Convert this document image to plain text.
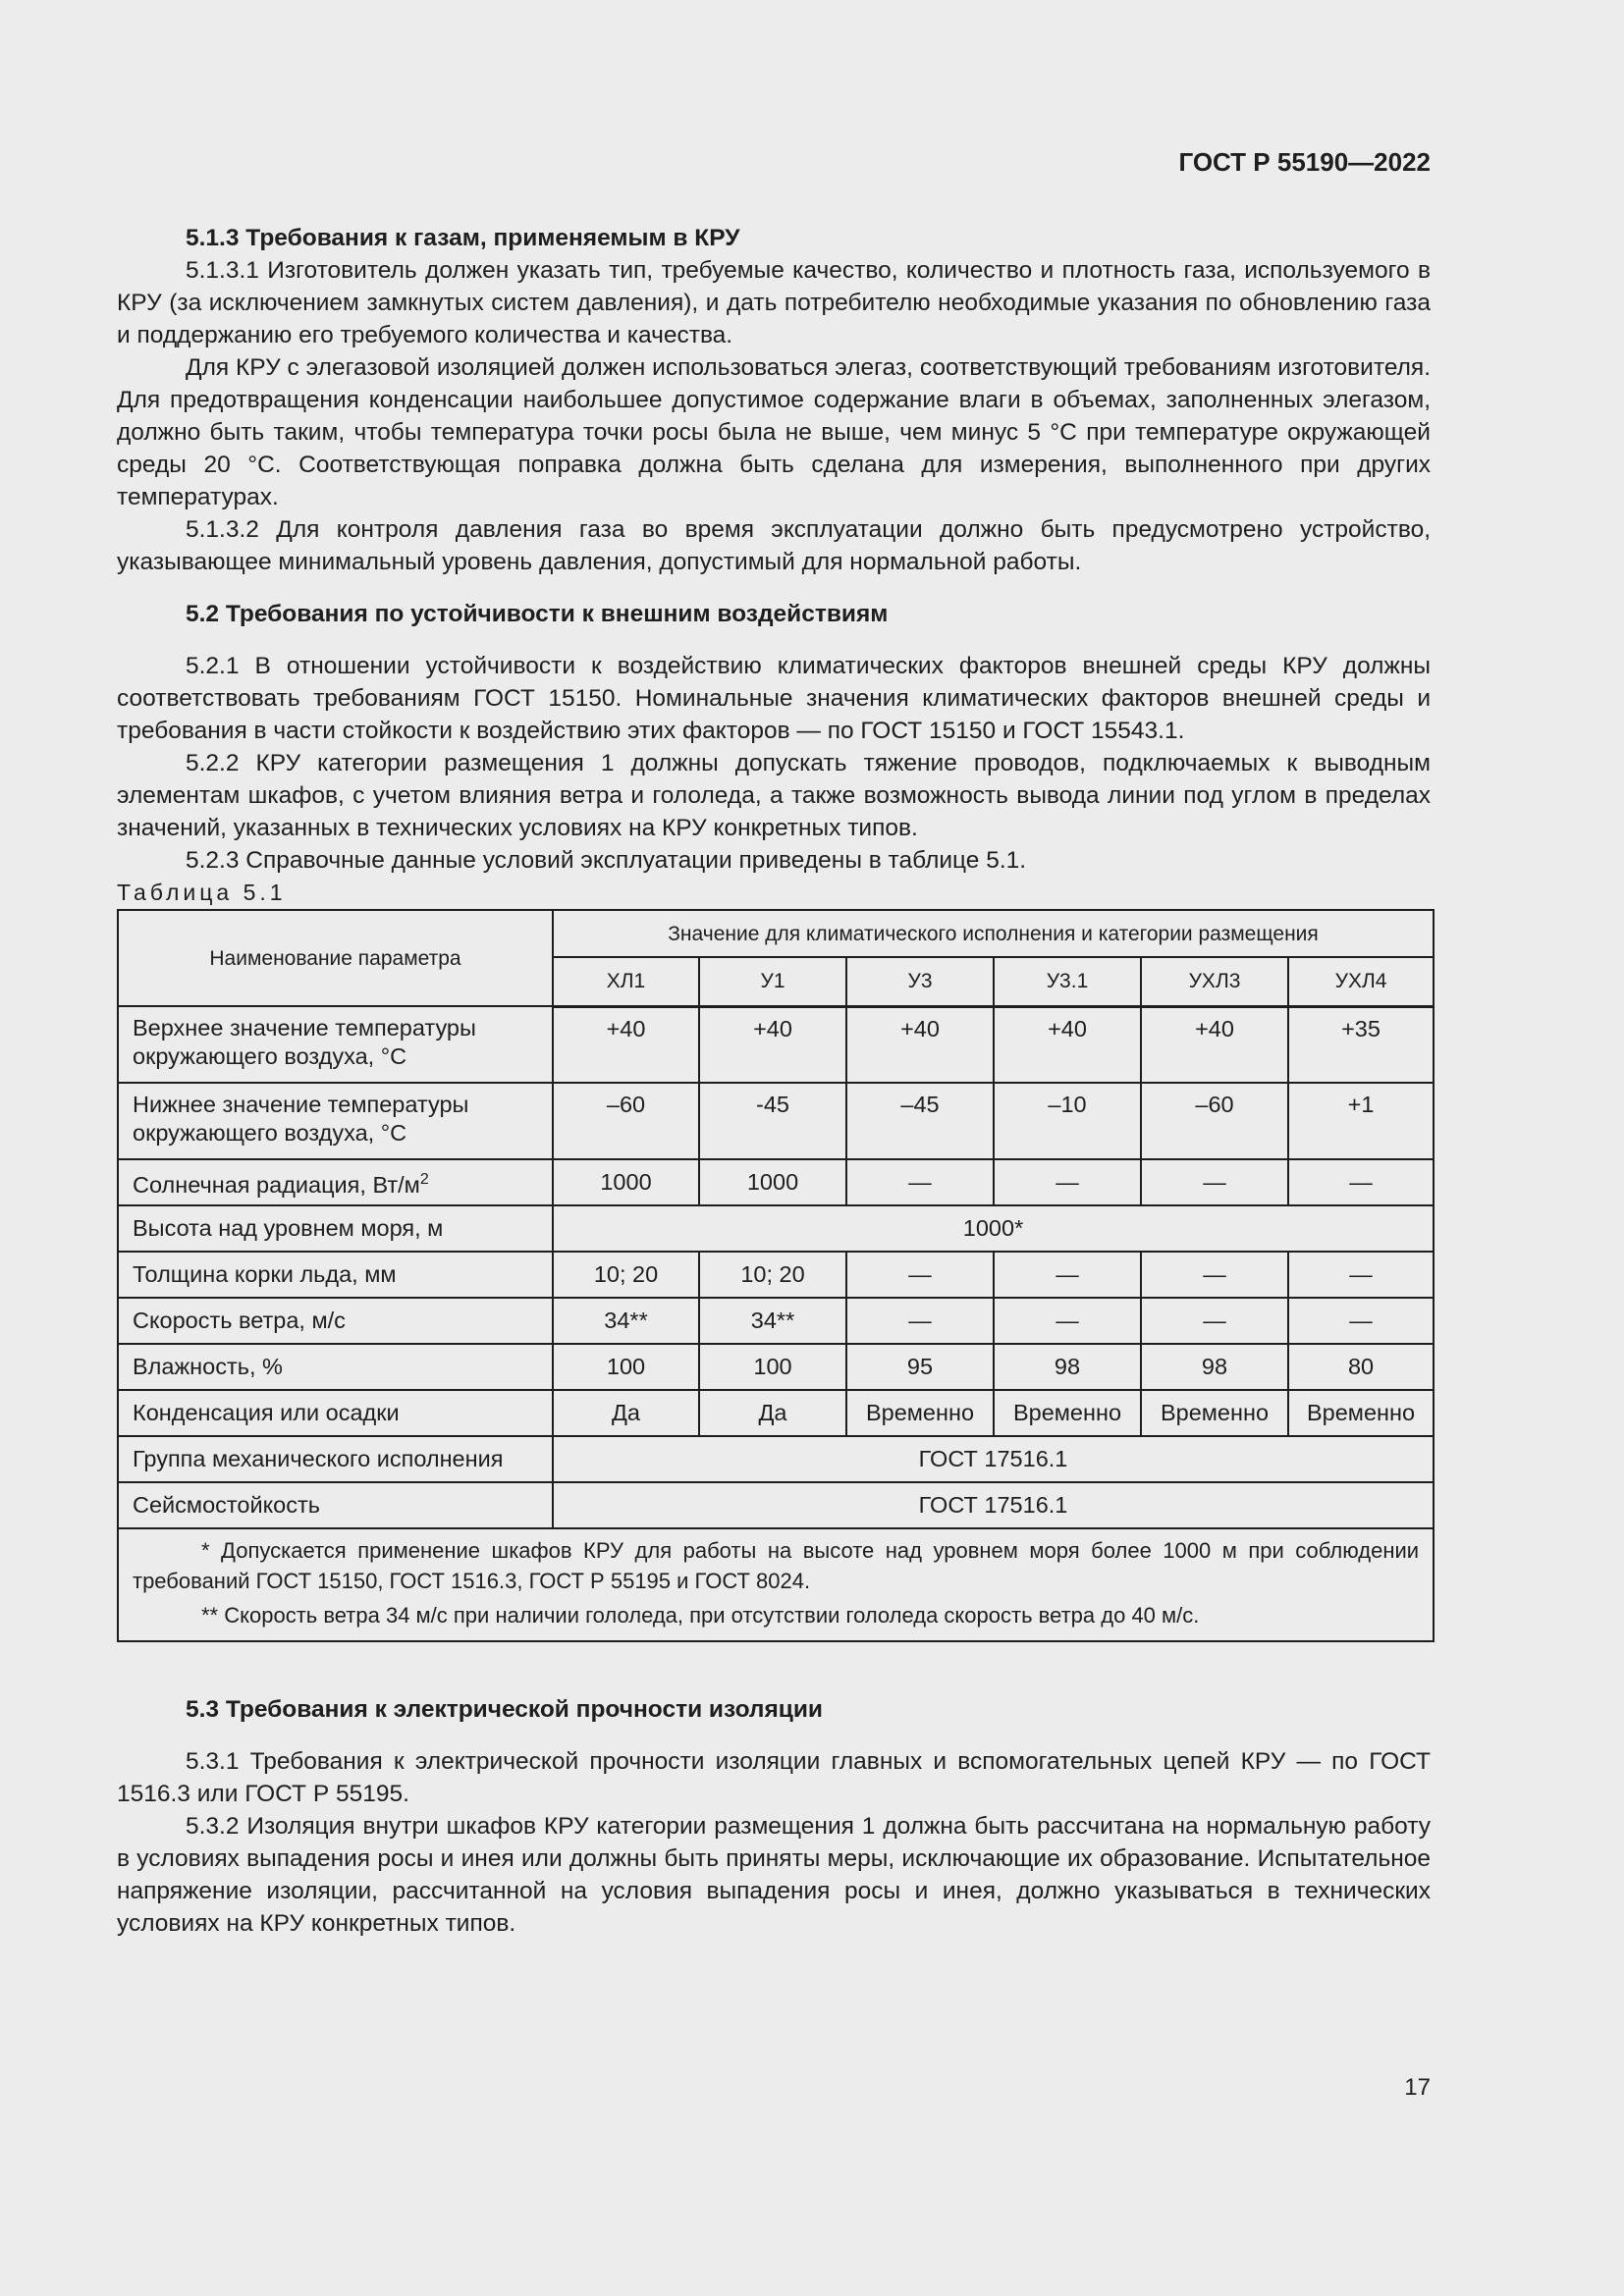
ГОСТ Р 55190—2022
5.1.3 Требования к газам, применяемым в КРУ

5.1.3.1 Изготовитель должен указать тип, требуемые качество, количество и плотность газа, используемого в КРУ (за исключением замкнутых систем давления), и дать потребителю необходимые указания по обновлению газа и поддержанию его требуемого количества и качества.

Для КРУ с элегазовой изоляцией должен использоваться элегаз, соответствующий требованиям изготовителя. Для предотвращения конденсации наибольшее допустимое содержание влаги в объемах, заполненных элегазом, должно быть таким, чтобы температура точки росы была не выше, чем минус 5 °С при температуре окружающей среды 20 °С. Соответствующая поправка должна быть сделана для измерения, выполненного при других температурах.

5.1.3.2 Для контроля давления газа во время эксплуатации должно быть предусмотрено устройство, указывающее минимальный уровень давления, допустимый для нормальной работы.

5.2 Требования по устойчивости к внешним воздействиям

5.2.1 В отношении устойчивости к воздействию климатических факторов внешней среды КРУ должны соответствовать требованиям ГОСТ 15150. Номинальные значения климатических факторов внешней среды и требования в части стойкости к воздействию этих факторов — по ГОСТ 15150 и ГОСТ 15543.1.

5.2.2 КРУ категории размещения 1 должны допускать тяжение проводов, подключаемых к выводным элементам шкафов, с учетом влияния ветра и гололеда, а также возможность вывода линии под углом в пределах значений, указанных в технических условиях на КРУ конкретных типов.

5.2.3 Справочные данные условий эксплуатации приведены в таблице 5.1.

Таблица 5.1

Наименование параметра	Значение для климатического исполнения и категории размещения					
	ХЛ1	У1	У3	У3.1	УХЛ3	УХЛ4
Верхнее значение температуры окружающего воздуха, °С	+40	+40	+40	+40	+40	+35
Нижнее значение температуры окружающего воздуха, °С	–60	-45	–45	–10	–60	+1
Солнечная радиация, $Вт/м^2$	1000	1000	—	—	—	—
Высота над уровнем моря, м	1000*					
Толщина корки льда, мм	10; 20	10; 20	—	—	—	—
Скорость ветра, м/с	34**	34**	—	—	—	—
Влажность, %	100	100	95	98	98	80
Конденсация или осадки	Да	Да	Временно	Временно	Временно	Временно
Группа механического исполнения	ГОСТ 17516.1					
Сейсмостойкость	ГОСТ 17516.1					

* Допускается применение шкафов КРУ для работы на высоте над уровнем моря более 1000 м при соблюдении требований ГОСТ 15150, ГОСТ 1516.3, ГОСТ Р 55195 и ГОСТ 8024.

** Скорость ветра 34 м/с при наличии гололеда, при отсутствии гололеда скорость ветра до 40 м/с.						

5.3 Требования к электрической прочности изоляции

5.3.1 Требования к электрической прочности изоляции главных и вспомогательных цепей КРУ — по ГОСТ 1516.3 или ГОСТ Р 55195.

5.3.2 Изоляция внутри шкафов КРУ категории размещения 1 должна быть рассчитана на нормальную работу в условиях выпадения росы и инея или должны быть приняты меры, исключающие их образование. Испытательное напряжение изоляции, рассчитанной на условия выпадения росы и инея, должно указываться в технических условиях на КРУ конкретных типов.

17
